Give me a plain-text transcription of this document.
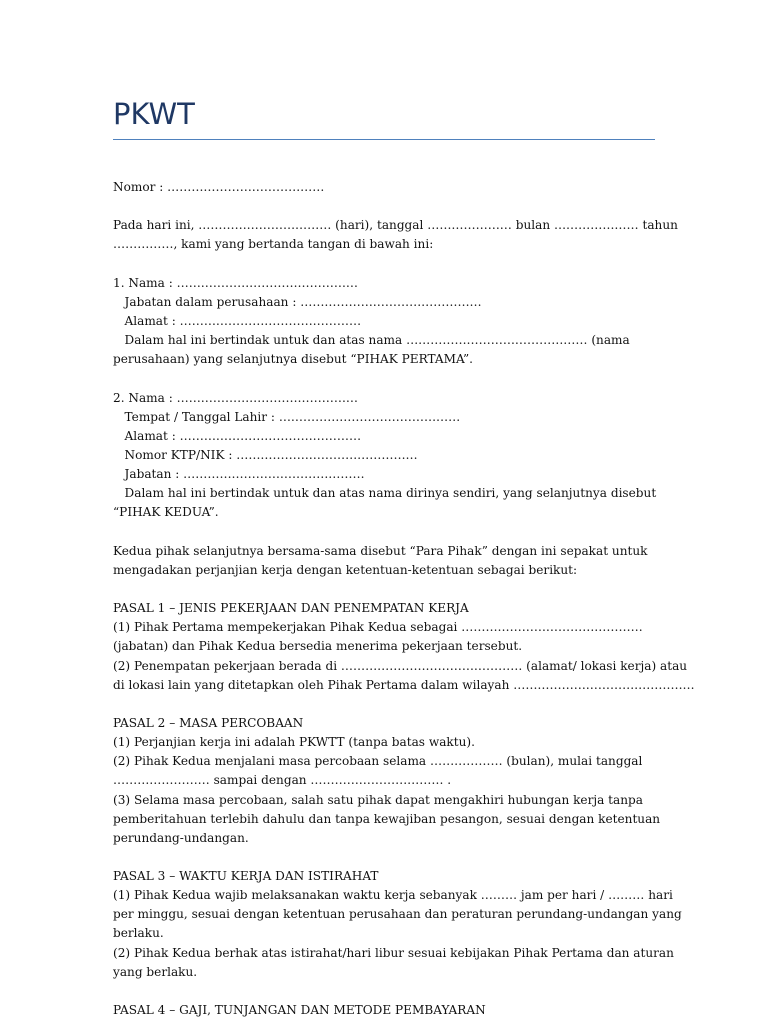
PKWT
Nomor : …………………………………
Pada hari ini, …………………………… (hari), tanggal ………………… bulan ………………… tahun
……………, kami yang bertanda tangan di bawah ini:
1. Nama : ………………………………………
Jabatan dalam perusahaan : ………………………………………
Alamat : ………………………………………
Dalam hal ini bertindak untuk dan atas nama ……………………………………… (nama
perusahaan) yang selanjutnya disebut “PIHAK PERTAMA”.
2. Nama : ………………………………………
Tempat / Tanggal Lahir : ………………………………………
Alamat : ………………………………………
Nomor KTP/NIK : ………………………………………
Jabatan : ………………………………………
Dalam hal ini bertindak untuk dan atas nama dirinya sendiri, yang selanjutnya disebut
“PIHAK KEDUA”.
Kedua pihak selanjutnya bersama-sama disebut “Para Pihak” dengan ini sepakat untuk
mengadakan perjanjian kerja dengan ketentuan-ketentuan sebagai berikut:
PASAL 1 – JENIS PEKERJAAN DAN PENEMPATAN KERJA
(1) Pihak Pertama mempekerjakan Pihak Kedua sebagai ………………………………………
(jabatan) dan Pihak Kedua bersedia menerima pekerjaan tersebut.
(2) Penempatan pekerjaan berada di ……………………………………… (alamat/ lokasi kerja) atau
di lokasi lain yang ditetapkan oleh Pihak Pertama dalam wilayah ………………………………………
PASAL 2 – MASA PERCOBAAN
(1) Perjanjian kerja ini adalah PKWTT (tanpa batas waktu).
(2) Pihak Kedua menjalani masa percobaan selama ……………… (bulan), mulai tanggal
…………………… sampai dengan …………………………… .
(3) Selama masa percobaan, salah satu pihak dapat mengakhiri hubungan kerja tanpa
pemberitahuan terlebih dahulu dan tanpa kewajiban pesangon, sesuai dengan ketentuan
perundang-undangan.
PASAL 3 – WAKTU KERJA DAN ISTIRAHAT
(1) Pihak Kedua wajib melaksanakan waktu kerja sebanyak ……… jam per hari / ……… hari
per minggu, sesuai dengan ketentuan perusahaan dan peraturan perundang-undangan yang
berlaku.
(2) Pihak Kedua berhak atas istirahat/hari libur sesuai kebijakan Pihak Pertama dan aturan
yang berlaku.
PASAL 4 – GAJI, TUNJANGAN DAN METODE PEMBAYARAN
